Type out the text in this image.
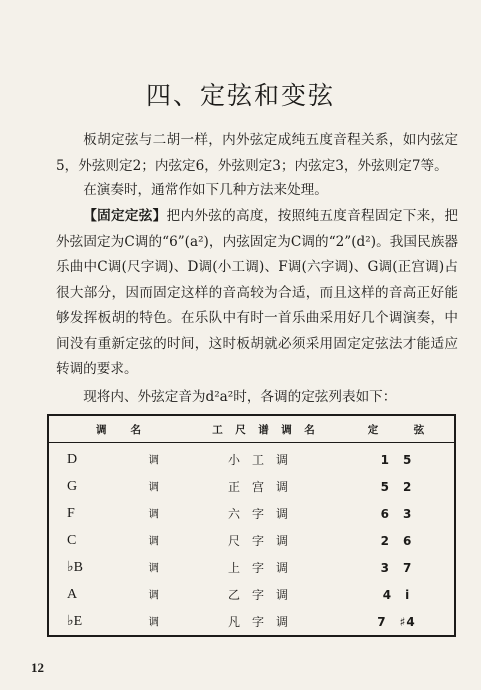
四、定弦和变弦
板胡定弦与二胡一样，内外弦定成纯五度音程关系，如内弦定5，外弦则定2；内弦定6，外弦则定3；内弦定3，外弦则定7等。
在演奏时，通常作如下几种方法来处理。
【固定定弦】把内外弦的高度，按照纯五度音程固定下来，把外弦固定为C调的“6”(a²)，内弦固定为C调的“2”(d²)。我国民族器乐曲中C调(尺字调)、D调(小工调)、F调(六字调)、G调(正宫调)占很大部分，因而固定这样的音高较为合适，而且这样的音高正好能够发挥板胡的特色。在乐队中有时一首乐曲采用好几个调演奏，中间没有重新定弦的时间，这时板胡就必须采用固定定弦法才能适应转调的要求。
现将内、外弦定音为d²a²时，各调的定弦列表如下：
调　　名		工　尺　谱　调　名	定　　　弦
D	调	小工调	1　5
G	调	正宫调	5　2
F	调	六字调	6　3
C	调	尺字调	2　6
♭B	调	上字调	3　7
A	调	乙字调	4　i
♭E	调	凡字调	7　♯4
12
